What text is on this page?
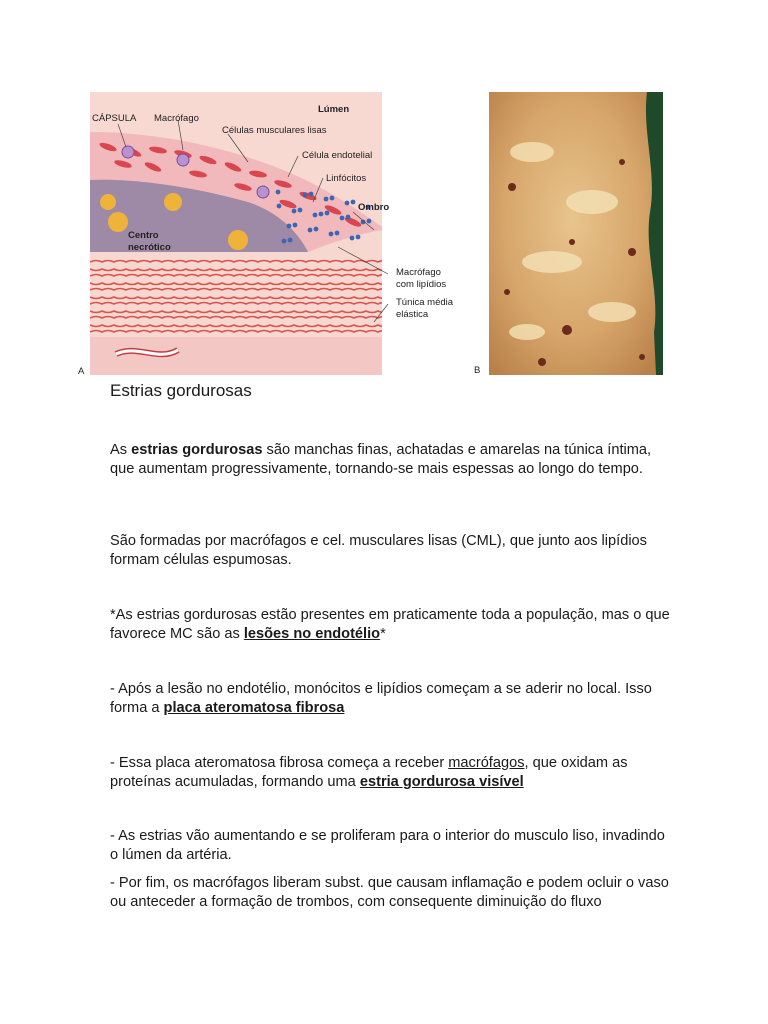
CÁPSULA Macrófago
Lúmen
Células musculares lisas
Célula endotelial
Linfócitos
Ombro
Centro
necrótico
Macrófago
com lipídios
Túnica média
elástica
A	B
Estrias gordurosas

As estrias gordurosas são manchas finas, achatadas e amarelas na túnica íntima, que aumentam progressivamente, tornando-se mais espessas ao longo do tempo.

São formadas por macrófagos e cel. musculares lisas (CML), que junto aos lipídios formam células espumosas.

*As estrias gordurosas estão presentes em praticamente toda a população, mas o que favorece MC são as lesões no endotélio*

- Após a lesão no endotélio, monócitos e lipídios começam a se aderir no local. Isso forma a placa ateromatosa fibrosa

- Essa placa ateromatosa fibrosa começa a receber macrófagos, que oxidam as proteínas acumuladas, formando uma estria gordurosa visível

- As estrias vão aumentando e se proliferam para o interior do musculo liso, invadindo o lúmen da artéria.

- Por fim, os macrófagos liberam subst. que causam inflamação e podem ocluir o vaso ou anteceder a formação de trombos, com consequente diminuição do fluxo
